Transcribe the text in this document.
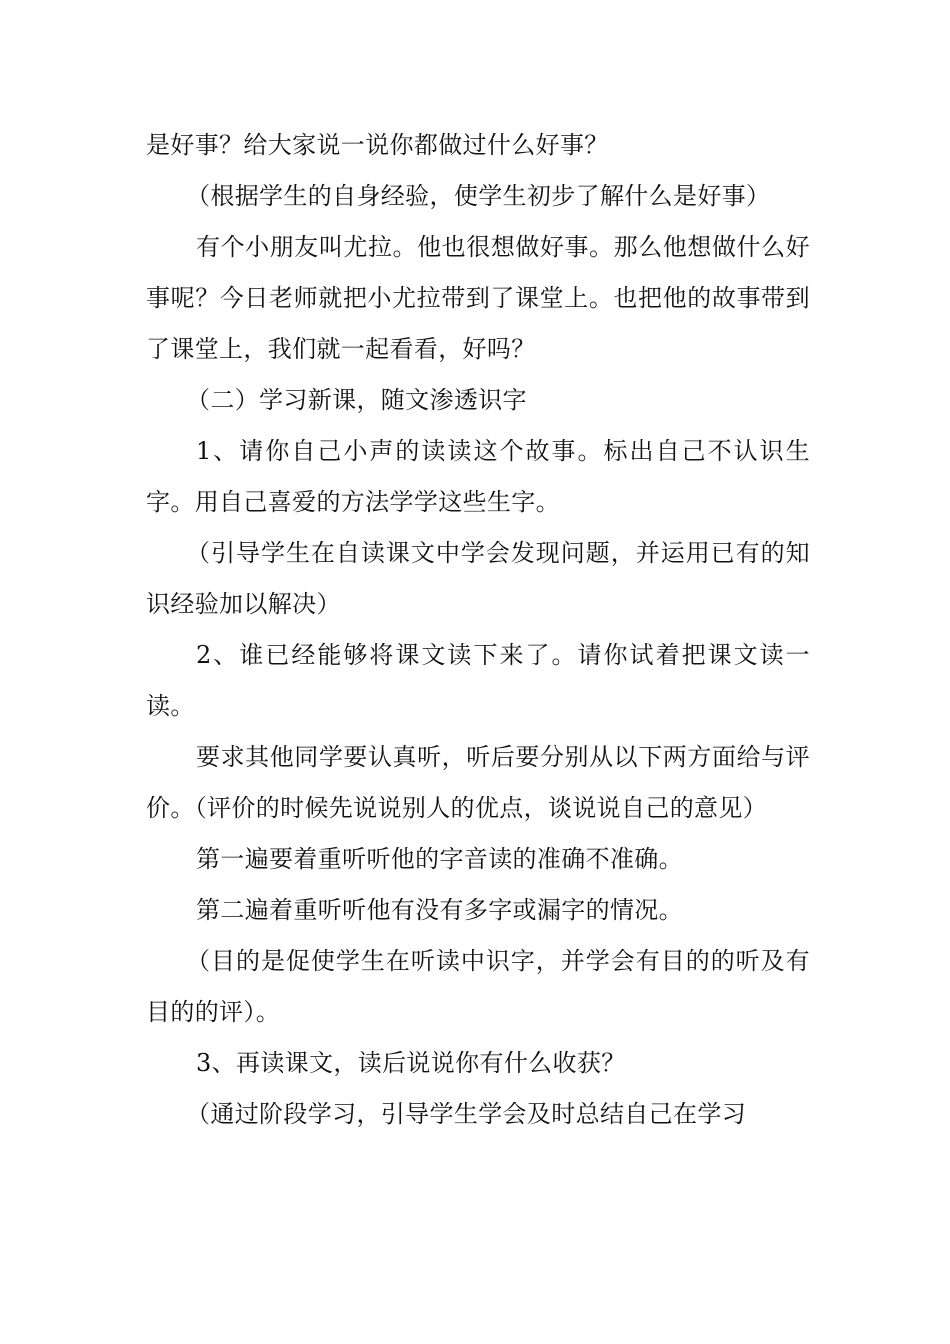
是好事？给大家说一说你都做过什么好事？

（根据学生的自身经验，使学生初步了解什么是好事）

有个小朋友叫尤拉。他也很想做好事。那么他想做什么好事呢？今日老师就把小尤拉带到了课堂上。也把他的故事带到了课堂上，我们就一起看看，好吗？

（二）学习新课，随文渗透识字

1、请你自己小声的读读这个故事。标出自己不认识生字。用自己喜爱的方法学学这些生字。

（引导学生在自读课文中学会发现问题，并运用已有的知识经验加以解决）

2、谁已经能够将课文读下来了。请你试着把课文读一读。

要求其他同学要认真听，听后要分别从以下两方面给与评价。（评价的时候先说说别人的优点，谈说说自己的意见）

第一遍要着重听听他的字音读的准确不准确。

第二遍着重听听他有没有多字或漏字的情况。

（目的是促使学生在听读中识字，并学会有目的的听及有目的的评）。

3、再读课文，读后说说你有什么收获？

（通过阶段学习，引导学生学会及时总结自己在学习
